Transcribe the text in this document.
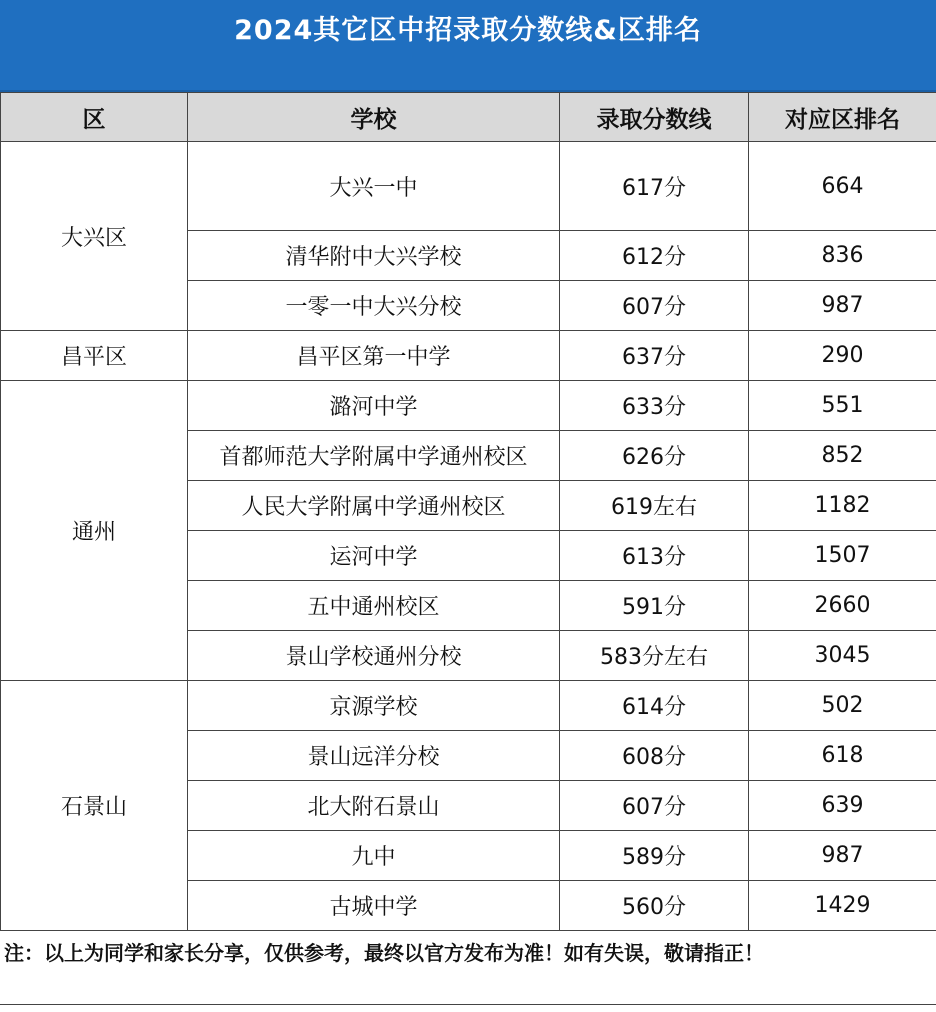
2024其它区中招录取分数线&区排名
区	学校	录取分数线	对应区排名
大兴区	大兴一中	617分	664
	清华附中大兴学校	612分	836
	一零一中大兴分校	607分	987
昌平区	昌平区第一中学	637分	290
通州	潞河中学	633分	551
	首都师范大学附属中学通州校区	626分	852
	人民大学附属中学通州校区	619左右	1182
	运河中学	613分	1507
	五中通州校区	591分	2660
	景山学校通州分校	583分左右	3045
石景山	京源学校	614分	502
	景山远洋分校	608分	618
	北大附石景山	607分	639
	九中	589分	987
	古城中学	560分	1429
注：以上为同学和家长分享，仅供参考，最终以官方发布为准！如有失误，敬请指正！
